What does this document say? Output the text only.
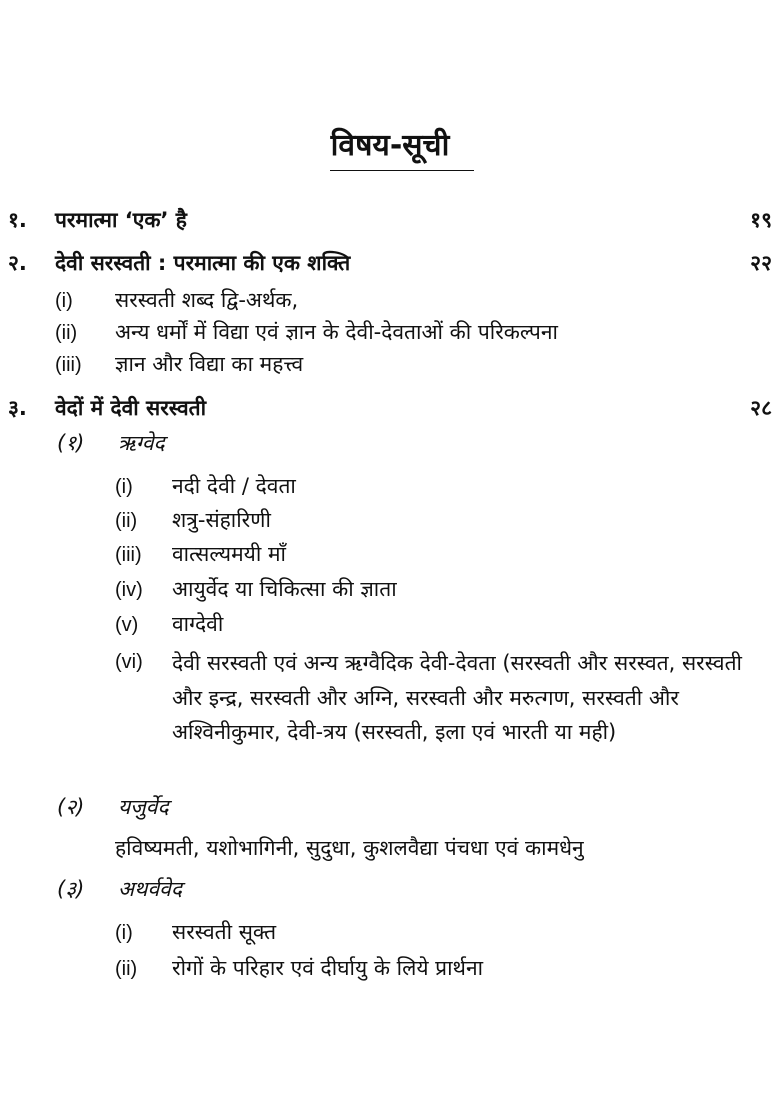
विषय-सूची
१. परमात्मा ‘एक’ है	१९
२. देवी सरस्वती : परमात्मा की एक शक्ति	२२
(i) सरस्वती शब्द द्वि-अर्थक,
(ii) अन्य धर्मों में विद्या एवं ज्ञान के देवी-देवताओं की परिकल्पना
(iii) ज्ञान और विद्या का महत्त्व
३. वेदों में देवी सरस्वती	२८
(१) ऋग्वेद
(i) नदी देवी / देवता
(ii) शत्रु-संहारिणी
(iii) वात्सल्यमयी माँ
(iv) आयुर्वेद या चिकित्सा की ज्ञाता
(v) वाग्देवी
(vi) देवी सरस्वती एवं अन्य ऋग्वैदिक देवी-देवता (सरस्वती और सरस्वत, सरस्वती और इन्द्र, सरस्वती और अग्नि, सरस्वती और मरुत्गण, सरस्वती और अश्विनीकुमार, देवी-त्रय (सरस्वती, इला एवं भारती या मही)
(२) यजुर्वेद
हविष्यमती, यशोभागिनी, सुदुधा, कुशलवैद्या पंचधा एवं कामधेनु
(३) अथर्ववेद
(i) सरस्वती सूक्त
(ii) रोगों के परिहार एवं दीर्घायु के लिये प्रार्थना
